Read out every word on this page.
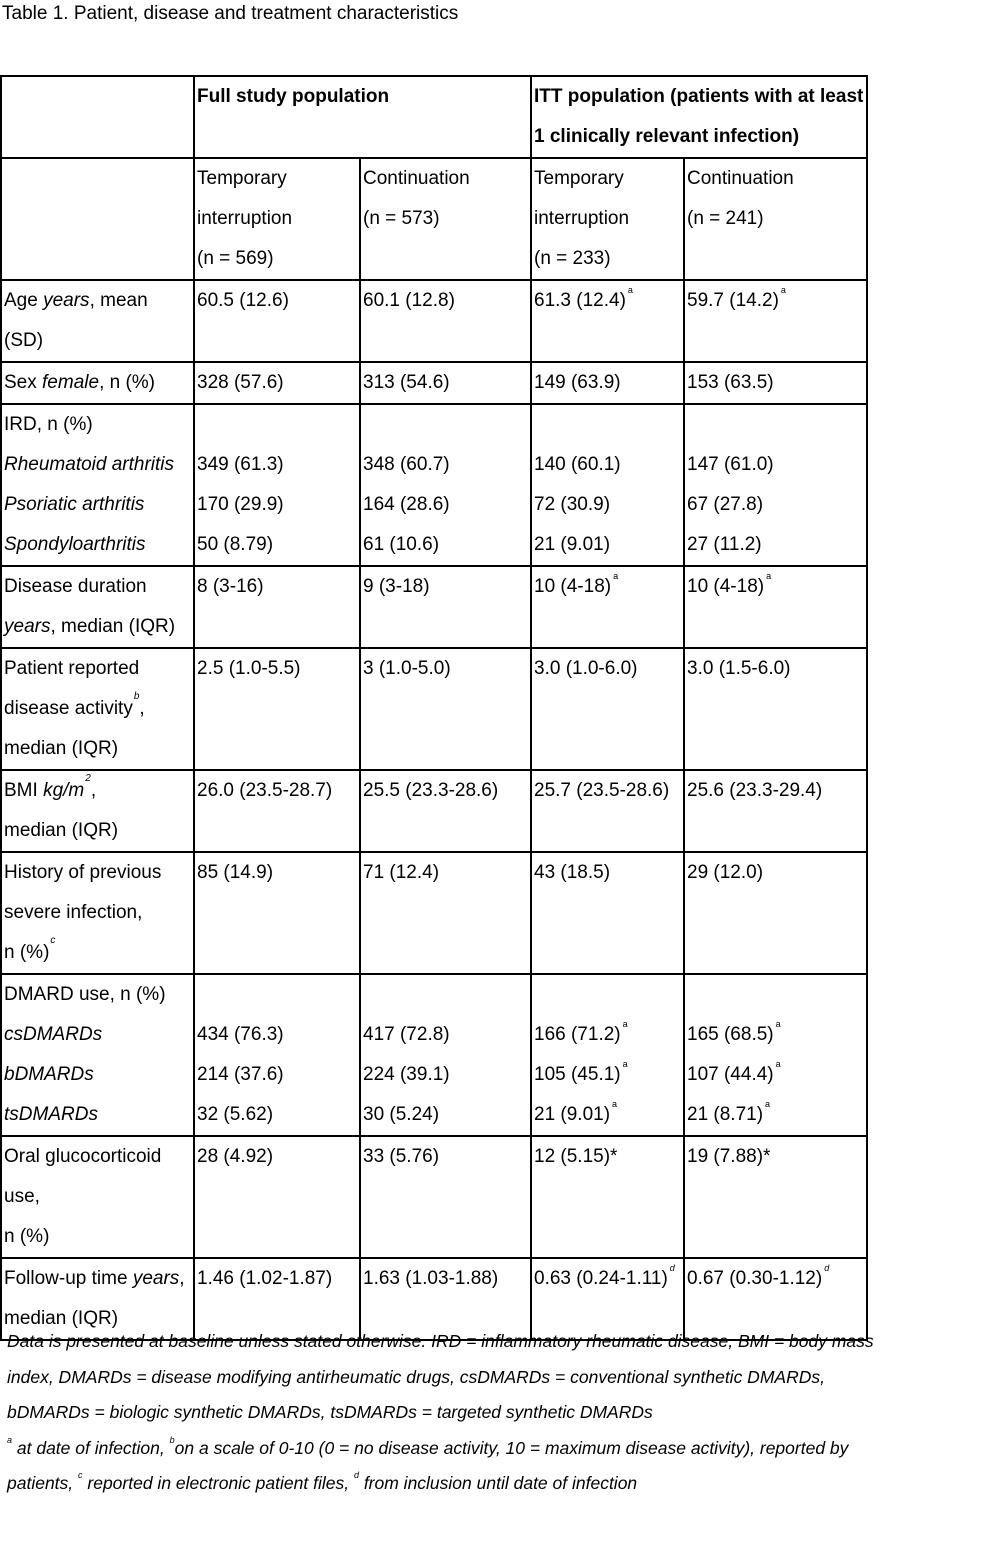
Table 1. Patient, disease and treatment characteristics

	Full study population		ITT population (patients with at least
1 clinically relevant infection)	

	Temporary
interruption
(n = 569)	Continuation
(n = 573)	Temporary
interruption
(n = 233)	Continuation
(n = 241)

Age years, mean
(SD)	60.5 (12.6)	60.1 (12.8)	61.3 (12.4) $^a$	59.7 (14.2) $^a$
Sex female, n (%)	328 (57.6)	313 (54.6)	149 (63.9)	153 (63.5)

IRD, n (%)
Rheumatoid arthritis
Psoriatic arthritis
Spondyloarthritis	349 (61.3)
170 (29.9)
50 (8.79)	348 (60.7)
164 (28.6)
61 (10.6)	140 (60.1)
72 (30.9)
21 (9.01)	147 (61.0)
67 (27.8)
27 (11.2)

Disease duration
years, median (IQR)	8 (3-16)	9 (3-18)	10 (4-18) $^a$	10 (4-18) $^a$

Patient reported
disease activity$^b$,
median (IQR)	2.5 (1.0-5.5)	3 (1.0-5.0)	3.0 (1.0-6.0)	3.0 (1.5-6.0)

BMI $kg/m^2$,
median (IQR)	26.0 (23.5-28.7)	25.5 (23.3-28.6)	25.7 (23.5-28.6)	25.6 (23.3-29.4)

History of previous
severe infection,
n (%)$^c$	85 (14.9)	71 (12.4)	43 (18.5)	29 (12.0)

DMARD use, n (%)
csDMARDs
bDMARDs
tsDMARDs	434 (76.3)
214 (37.6)
32 (5.62)	417 (72.8)
224 (39.1)
30 (5.24)	166 (71.2) $^a$
105 (45.1) $^a$
21 (9.01) $^a$	165 (68.5) $^a$
107 (44.4) $^a$
21 (8.71) $^a$

Oral glucocorticoid
use,
n (%)	28 (4.92)	33 (5.76)	12 (5.15)*	19 (7.88)*

Follow-up time years,
median (IQR)	1.46 (1.02-1.87)	1.63 (1.03-1.88)	0.63 (0.24-1.11) $^d$	0.67 (0.30-1.12) $^d$
Data is presented at baseline unless stated otherwise. IRD = inflammatory rheumatic disease, BMI = body mass
index, DMARDs = disease modifying antirheumatic drugs, csDMARDs = conventional synthetic DMARDs,
bDMARDs = biologic synthetic DMARDs, tsDMARDs = targeted synthetic DMARDs
$^a$ at date of infection, $^b$on a scale of 0-10 (0 = no disease activity, 10 = maximum disease activity), reported by
patients, $^c$ reported in electronic patient files, $^d$ from inclusion until date of infection
